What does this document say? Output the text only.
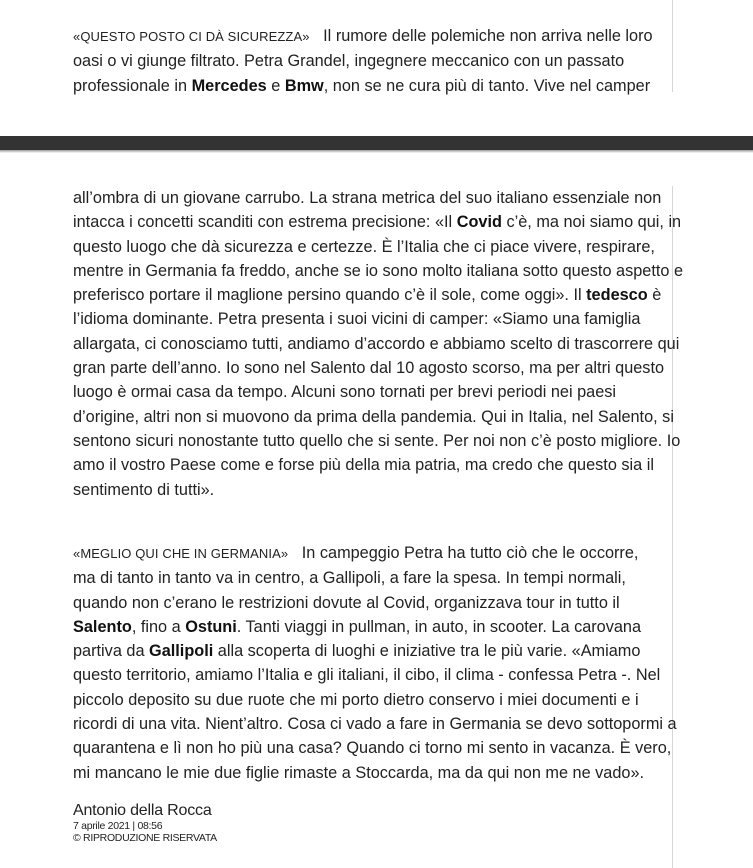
«QUESTO POSTO CI DÀ SICUREZZA» Il rumore delle polemiche non arriva nelle loro
oasi o vi giunge filtrato. Petra Grandel, ingegnere meccanico con un passato
professionale in Mercedes e Bmw, non se ne cura più di tanto. Vive nel camper
all’ombra di un giovane carrubo. La strana metrica del suo italiano essenziale non
intacca i concetti scanditi con estrema precisione: «Il Covid c’è, ma noi siamo qui, in
questo luogo che dà sicurezza e certezze. È l’Italia che ci piace vivere, respirare,
mentre in Germania fa freddo, anche se io sono molto italiana sotto questo aspetto e
preferisco portare il maglione persino quando c’è il sole, come oggi». Il tedesco è
l’idioma dominante. Petra presenta i suoi vicini di camper: «Siamo una famiglia
allargata, ci conosciamo tutti, andiamo d’accordo e abbiamo scelto di trascorrere qui
gran parte dell’anno. Io sono nel Salento dal 10 agosto scorso, ma per altri questo
luogo è ormai casa da tempo. Alcuni sono tornati per brevi periodi nei paesi
d’origine, altri non si muovono da prima della pandemia. Qui in Italia, nel Salento, si
sentono sicuri nonostante tutto quello che si sente. Per noi non c’è posto migliore. Io
amo il vostro Paese come e forse più della mia patria, ma credo che questo sia il
sentimento di tutti».
«MEGLIO QUI CHE IN GERMANIA» In campeggio Petra ha tutto ciò che le occorre,
ma di tanto in tanto va in centro, a Gallipoli, a fare la spesa. In tempi normali,
quando non c’erano le restrizioni dovute al Covid, organizzava tour in tutto il
Salento, fino a Ostuni. Tanti viaggi in pullman, in auto, in scooter. La carovana
partiva da Gallipoli alla scoperta di luoghi e iniziative tra le più varie. «Amiamo
questo territorio, amiamo l’Italia e gli italiani, il cibo, il clima - confessa Petra -. Nel
piccolo deposito su due ruote che mi porto dietro conservo i miei documenti e i
ricordi di una vita. Nient’altro. Cosa ci vado a fare in Germania se devo sottopormi a
quarantena e lì non ho più una casa? Quando ci torno mi sento in vacanza. È vero,
mi mancano le mie due figlie rimaste a Stoccarda, ma da qui non me ne vado».
Antonio della Rocca
7 aprile 2021 | 08:56
© RIPRODUZIONE RISERVATA
